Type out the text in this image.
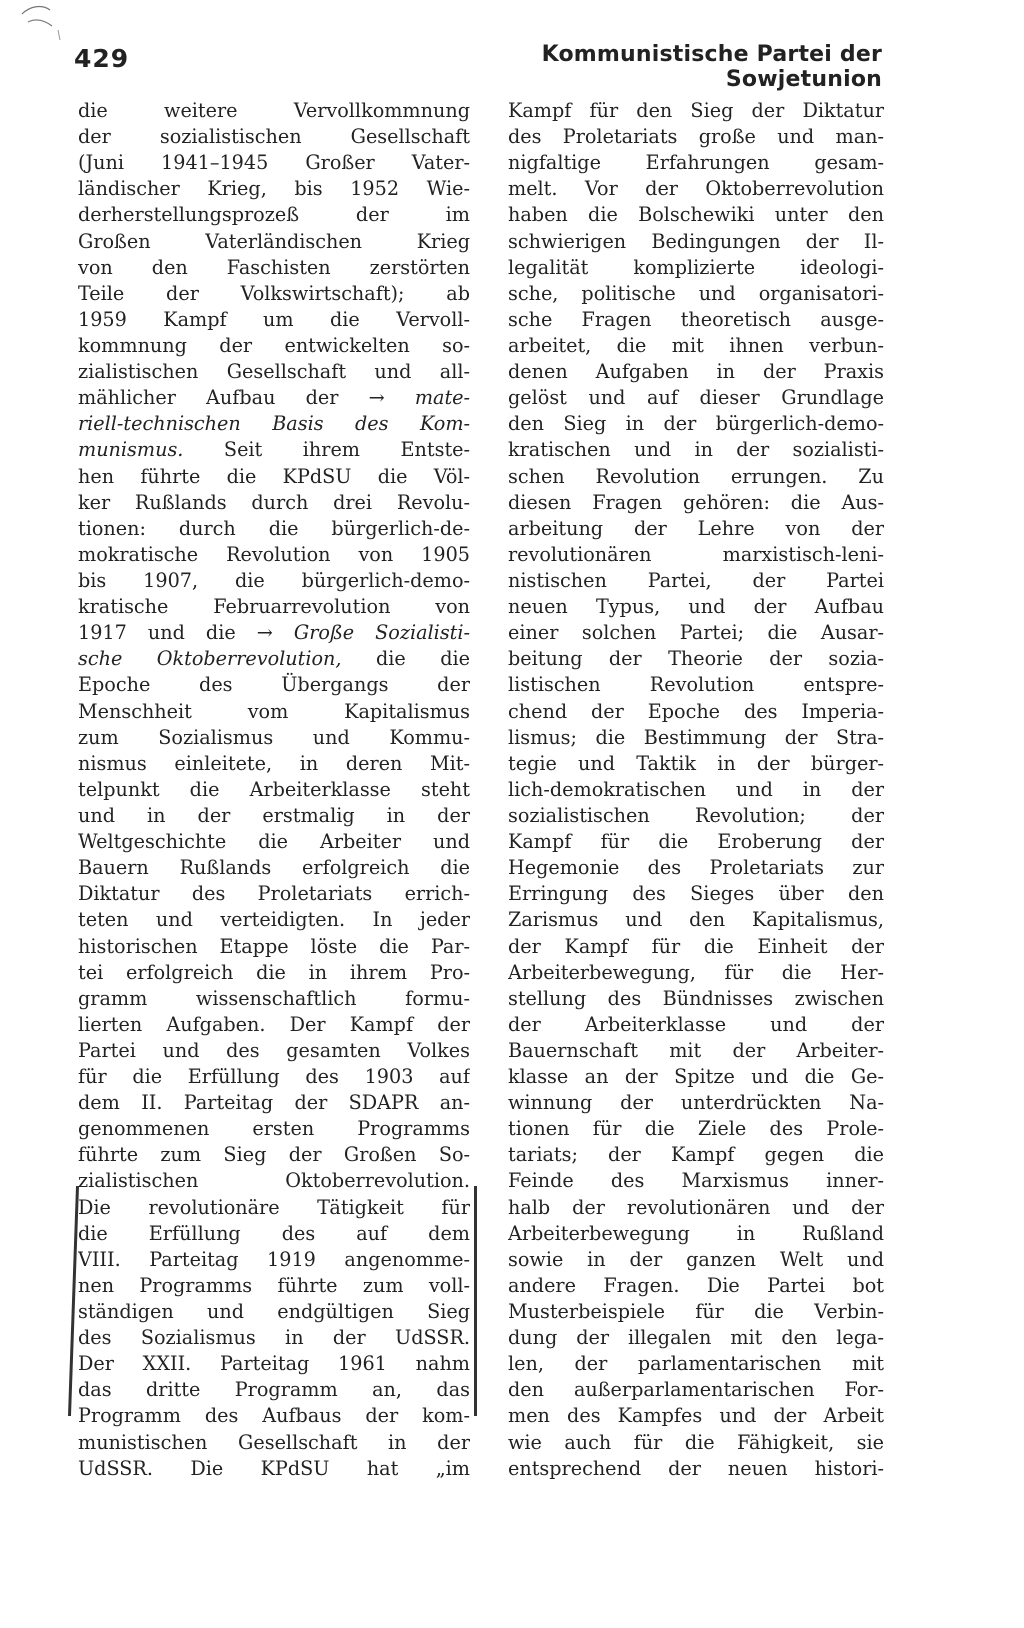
429	Kommunistische Partei der Sowjetunion
die weitere Vervollkommnung
der sozialistischen Gesellschaft
(Juni 1941–1945 Großer Vater-
ländischer Krieg, bis 1952 Wie-
derherstellungsprozeß der im
Großen Vaterländischen Krieg
von den Faschisten zerstörten
Teile der Volkswirtschaft); ab
1959 Kampf um die Vervoll-
kommnung der entwickelten so-
zialistischen Gesellschaft und all-
mählicher Aufbau der → mate-
riell-technischen Basis des Kom-
munismus. Seit ihrem Entste-
hen führte die KPdSU die Völ-
ker Rußlands durch drei Revolu-
tionen: durch die bürgerlich-de-
mokratische Revolution von 1905
bis 1907, die bürgerlich-demo-
kratische Februarrevolution von
1917 und die → Große Sozialisti-
sche Oktoberrevolution, die die
Epoche des Übergangs der
Menschheit vom Kapitalismus
zum Sozialismus und Kommu-
nismus einleitete, in deren Mit-
telpunkt die Arbeiterklasse steht
und in der erstmalig in der
Weltgeschichte die Arbeiter und
Bauern Rußlands erfolgreich die
Diktatur des Proletariats errich-
teten und verteidigten. In jeder
historischen Etappe löste die Par-
tei erfolgreich die in ihrem Pro-
gramm wissenschaftlich formu-
lierten Aufgaben. Der Kampf der
Partei und des gesamten Volkes
für die Erfüllung des 1903 auf
dem II. Parteitag der SDAPR an-
genommenen ersten Programms
führte zum Sieg der Großen So-
zialistischen Oktoberrevolution.
Die revolutionäre Tätigkeit für
die Erfüllung des auf dem
VIII. Parteitag 1919 angenomme-
nen Programms führte zum voll-
ständigen und endgültigen Sieg
des Sozialismus in der UdSSR.
Der XXII. Parteitag 1961 nahm
das dritte Programm an, das
Programm des Aufbaus der kom-
munistischen Gesellschaft in der
UdSSR. Die KPdSU hat „im
Kampf für den Sieg der Diktatur
des Proletariats große und man-
nigfaltige Erfahrungen gesam-
melt. Vor der Oktoberrevolution
haben die Bolschewiki unter den
schwierigen Bedingungen der Il-
legalität komplizierte ideologi-
sche, politische und organisatori-
sche Fragen theoretisch ausge-
arbeitet, die mit ihnen verbun-
denen Aufgaben in der Praxis
gelöst und auf dieser Grundlage
den Sieg in der bürgerlich-demo-
kratischen und in der sozialisti-
schen Revolution errungen. Zu
diesen Fragen gehören: die Aus-
arbeitung der Lehre von der
revolutionären marxistisch-leni-
nistischen Partei, der Partei
neuen Typus, und der Aufbau
einer solchen Partei; die Ausar-
beitung der Theorie der sozia-
listischen Revolution entspre-
chend der Epoche des Imperia-
lismus; die Bestimmung der Stra-
tegie und Taktik in der bürger-
lich-demokratischen und in der
sozialistischen Revolution; der
Kampf für die Eroberung der
Hegemonie des Proletariats zur
Erringung des Sieges über den
Zarismus und den Kapitalismus,
der Kampf für die Einheit der
Arbeiterbewegung, für die Her-
stellung des Bündnisses zwischen
der Arbeiterklasse und der
Bauernschaft mit der Arbeiter-
klasse an der Spitze und die Ge-
winnung der unterdrückten Na-
tionen für die Ziele des Prole-
tariats; der Kampf gegen die
Feinde des Marxismus inner-
halb der revolutionären und der
Arbeiterbewegung in Rußland
sowie in der ganzen Welt und
andere Fragen. Die Partei bot
Musterbeispiele für die Verbin-
dung der illegalen mit den lega-
len, der parlamentarischen mit
den außerparlamentarischen For-
men des Kampfes und der Arbeit
wie auch für die Fähigkeit, sie
entsprechend der neuen histori-
